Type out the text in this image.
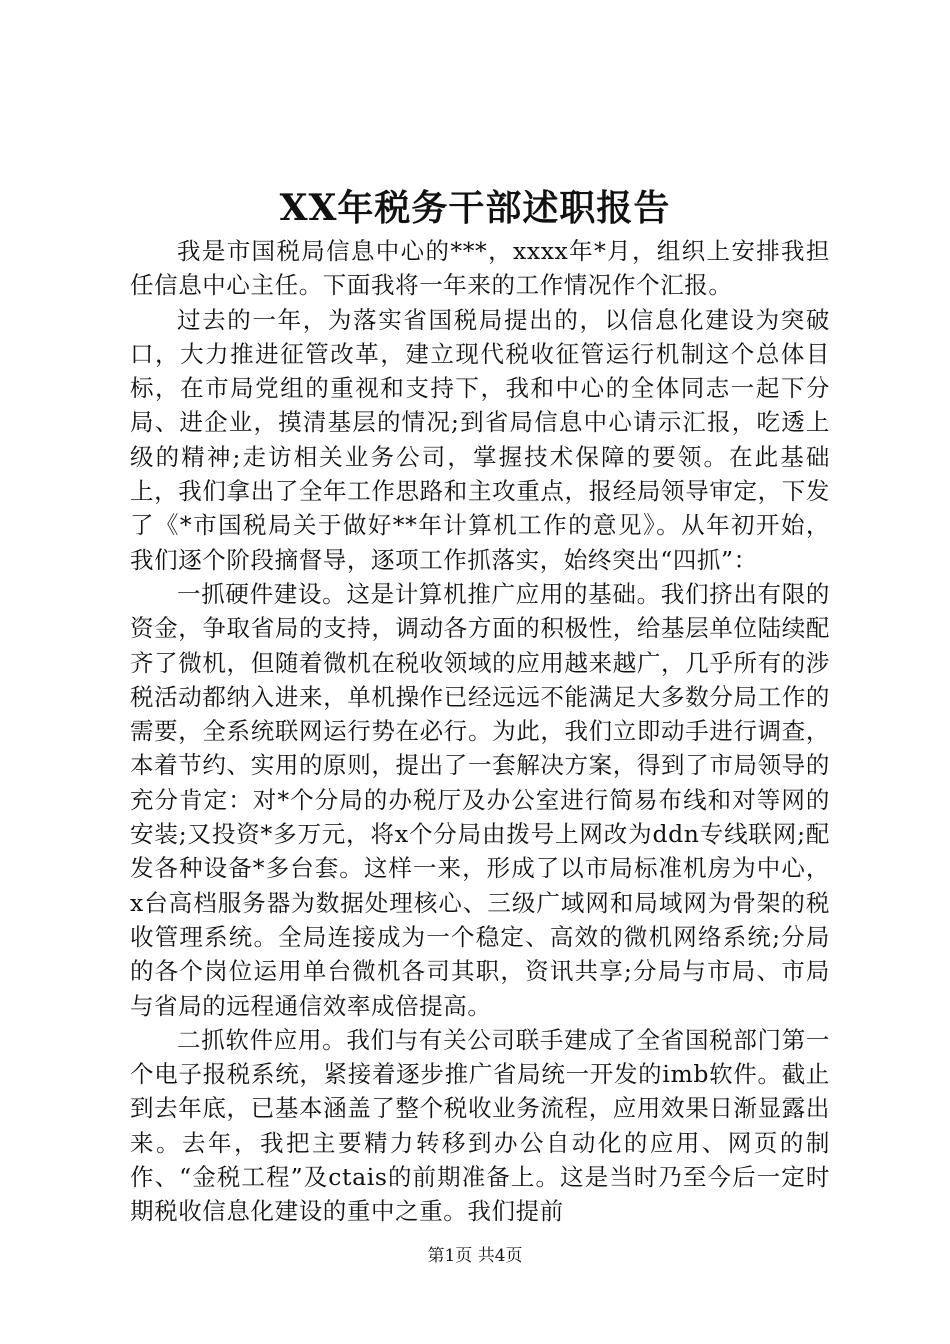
XX年税务干部述职报告

我是市国税局信息中心的***，xxxx年*月，组织上安排我担任信息中心主任。下面我将一年来的工作情况作个汇报。

过去的一年，为落实省国税局提出的，以信息化建设为突破口，大力推进征管改革，建立现代税收征管运行机制这个总体目标，在市局党组的重视和支持下，我和中心的全体同志一起下分局、进企业，摸清基层的情况;到省局信息中心请示汇报，吃透上级的精神;走访相关业务公司，掌握技术保障的要领。在此基础上，我们拿出了全年工作思路和主攻重点，报经局领导审定，下发了《*市国税局关于做好**年计算机工作的意见》。从年初开始，我们逐个阶段摘督导，逐项工作抓落实，始终突出“四抓”：

一抓硬件建设。这是计算机推广应用的基础。我们挤出有限的资金，争取省局的支持，调动各方面的积极性，给基层单位陆续配齐了微机，但随着微机在税收领域的应用越来越广，几乎所有的涉税活动都纳入进来，单机操作已经远远不能满足大多数分局工作的需要，全系统联网运行势在必行。为此，我们立即动手进行调查，本着节约、实用的原则，提出了一套解决方案，得到了市局领导的充分肯定：对*个分局的办税厅及办公室进行简易布线和对等网的安装;又投资*多万元，将x个分局由拨号上网改为ddn专线联网;配发各种设备*多台套。这样一来，形成了以市局标准机房为中心，x台高档服务器为数据处理核心、三级广域网和局域网为骨架的税收管理系统。全局连接成为一个稳定、高效的微机网络系统;分局的各个岗位运用单台微机各司其职，资讯共享;分局与市局、市局与省局的远程通信效率成倍提高。

二抓软件应用。我们与有关公司联手建成了全省国税部门第一个电子报税系统，紧接着逐步推广省局统一开发的imb软件。截止到去年底，已基本涵盖了整个税收业务流程，应用效果日渐显露出来。去年，我把主要精力转移到办公自动化的应用、网页的制作、“金税工程”及ctais的前期准备上。这是当时乃至今后一定时期税收信息化建设的重中之重。我们提前

第1页 共4页
